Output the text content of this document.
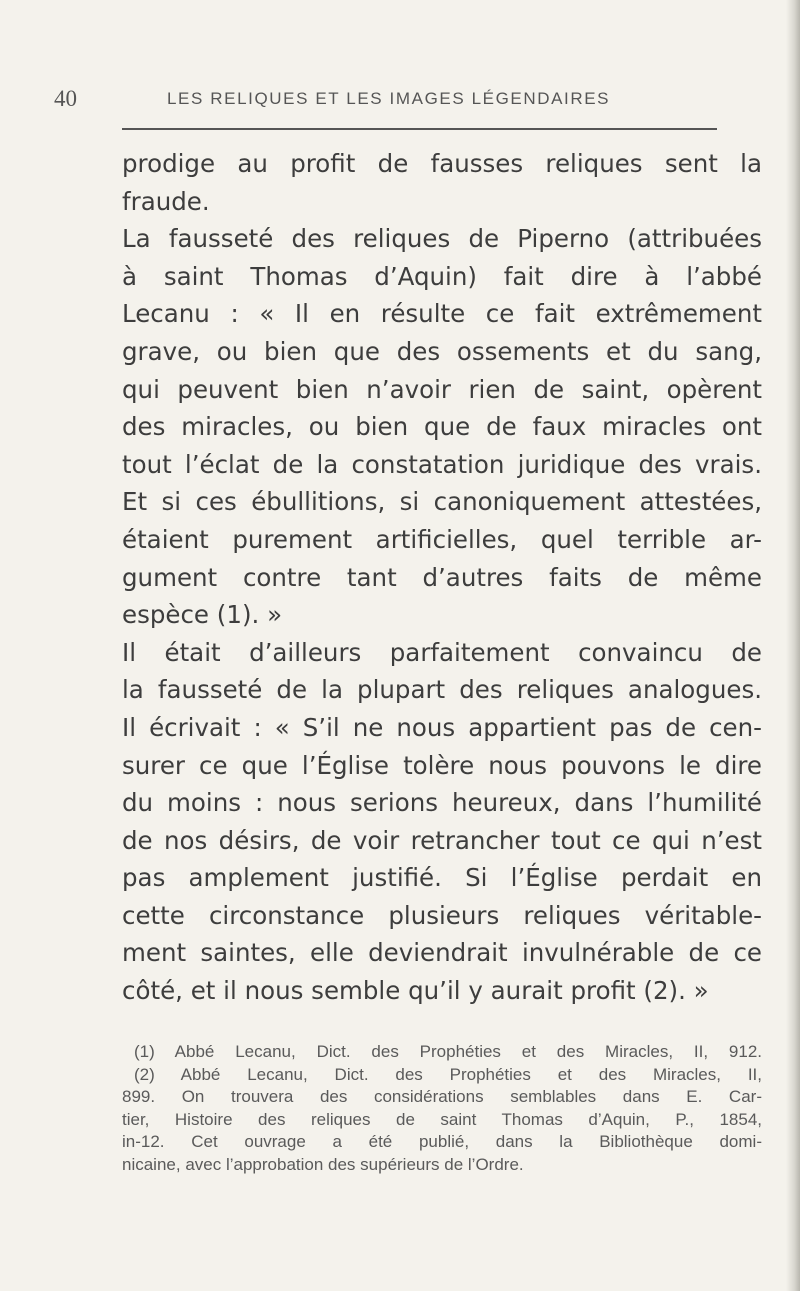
40	LES RELIQUES ET LES IMAGES LÉGENDAIRES

prodige au profit de fausses reliques sent la

fraude.

La fausseté des reliques de Piperno (attribuées

à saint Thomas d’Aquin) fait dire à l’abbé

Lecanu : « Il en résulte ce fait extrêmement

grave, ou bien que des ossements et du sang,

qui peuvent bien n’avoir rien de saint, opèrent

des miracles, ou bien que de faux miracles ont

tout l’éclat de la constatation juridique des vrais.

Et si ces ébullitions, si canoniquement attestées,

étaient purement artificielles, quel terrible ar-

gument contre tant d’autres faits de même

espèce (1). »

Il était d’ailleurs parfaitement convaincu de

la fausseté de la plupart des reliques analogues.

Il écrivait : « S’il ne nous appartient pas de cen-

surer ce que l’Église tolère nous pouvons le dire

du moins : nous serions heureux, dans l’humilité

de nos désirs, de voir retrancher tout ce qui n’est

pas amplement justifié. Si l’Église perdait en

cette circonstance plusieurs reliques véritable-

ment saintes, elle deviendrait invulnérable de ce

côté, et il nous semble qu’il y aurait profit (2). »

(1) Abbé Lecanu, Dict. des Prophéties et des Miracles, II, 912.

(2) Abbé Lecanu, Dict. des Prophéties et des Miracles, II,

899. On trouvera des considérations semblables dans E. Car-

tier, Histoire des reliques de saint Thomas d’Aquin, P., 1854,

in-12. Cet ouvrage a été publié, dans la Bibliothèque domi-

nicaine, avec l’approbation des supérieurs de l’Ordre.
